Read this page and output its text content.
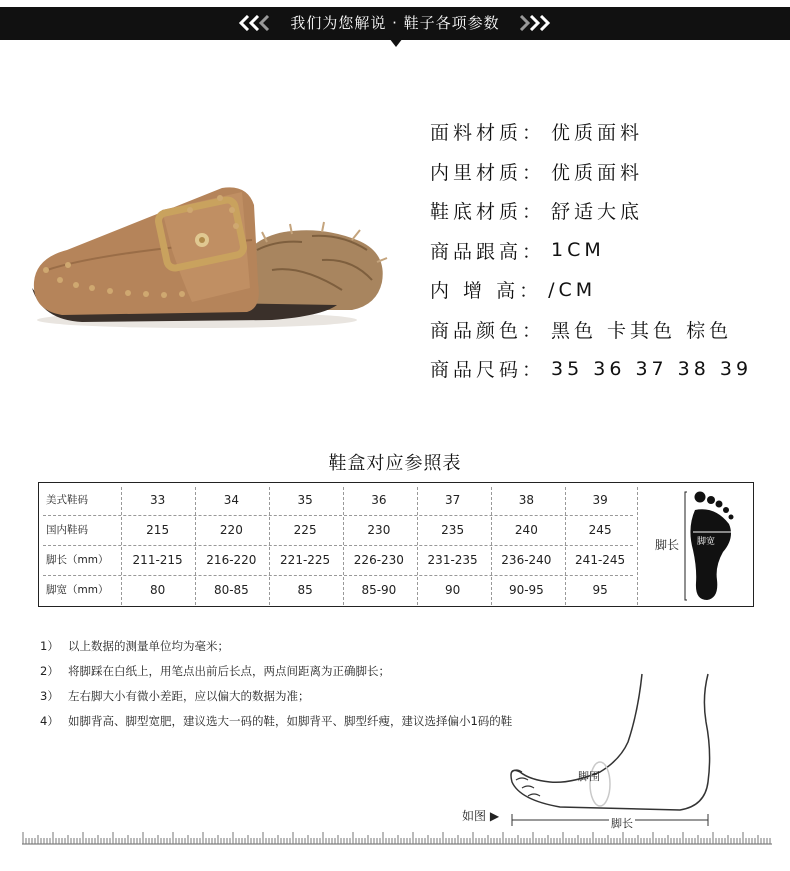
我们为您解说 · 鞋子各项参数
面料材质： 优质面料
内里材质： 优质面料
鞋底材质： 舒适大底
商品跟高： 1CM
内 增 高： /CM
商品颜色： 黑色 卡其色 棕色
商品尺码： 35 36 37 38 39
鞋盒对应参照表
美式鞋码	33	34	35	36	37	38	39
国内鞋码	215	220	225	230	235	240	245
脚长（mm）	211-215	216-220	221-225	226-230	231-235	236-240	241-245
脚宽（mm）	80	80-85	85	85-90	90	90-95	95
脚长 脚宽
1） 以上数据的测量单位均为毫米；
2） 将脚踩在白纸上，用笔点出前后长点，两点间距离为正确脚长；
3） 左右脚大小有微小差距，应以偏大的数据为准；
4） 如脚背高、脚型宽肥，建议选大一码的鞋，如脚背平、脚型纤瘦，建议选择偏小1码的鞋
如图 ▶
脚围
脚长
